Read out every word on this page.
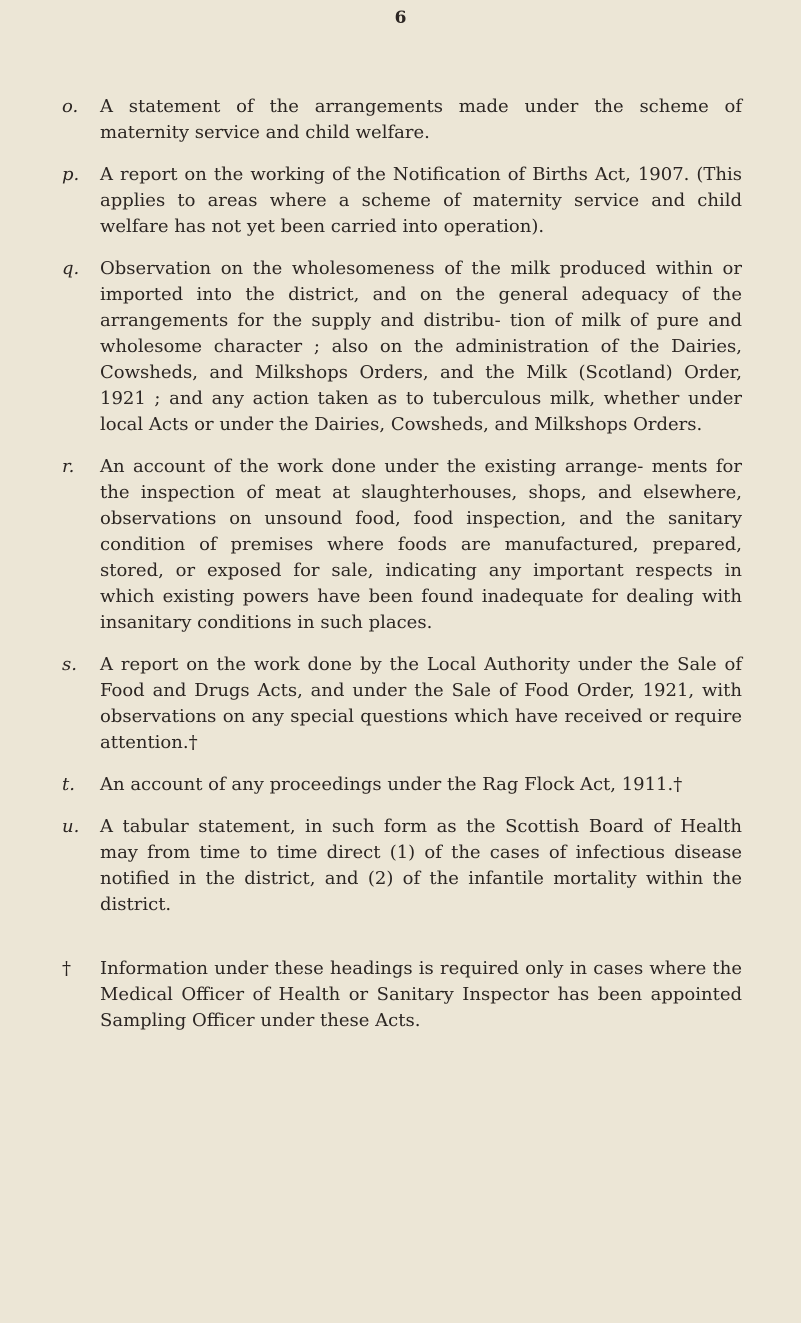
6
o. A statement of the arrangements made under the scheme of maternity service and child welfare.
p. A report on the working of the Notification of Births Act, 1907. (This applies to areas where a scheme of maternity service and child welfare has not yet been carried into operation).
q. Observation on the wholesomeness of the milk produced within or imported into the district, and on the general adequacy of the arrangements for the supply and distribu- tion of milk of pure and wholesome character ; also on the administration of the Dairies, Cowsheds, and Milkshops Orders, and the Milk (Scotland) Order, 1921 ; and any action taken as to tuberculous milk, whether under local Acts or under the Dairies, Cowsheds, and Milkshops Orders.
r. An account of the work done under the existing arrange- ments for the inspection of meat at slaughterhouses, shops, and elsewhere, observations on unsound food, food inspection, and the sanitary condition of premises where foods are manufactured, prepared, stored, or exposed for sale, indicating any important respects in which existing powers have been found inadequate for dealing with insanitary conditions in such places.
s. A report on the work done by the Local Authority under the Sale of Food and Drugs Acts, and under the Sale of Food Order, 1921, with observations on any special questions which have received or require attention.†
t. An account of any proceedings under the Rag Flock Act, 1911.†
u. A tabular statement, in such form as the Scottish Board of Health may from time to time direct (1) of the cases of infectious disease notified in the district, and (2) of the infantile mortality within the district.
† Information under these headings is required only in cases where the Medical Officer of Health or Sanitary Inspector has been appointed Sampling Officer under these Acts.
